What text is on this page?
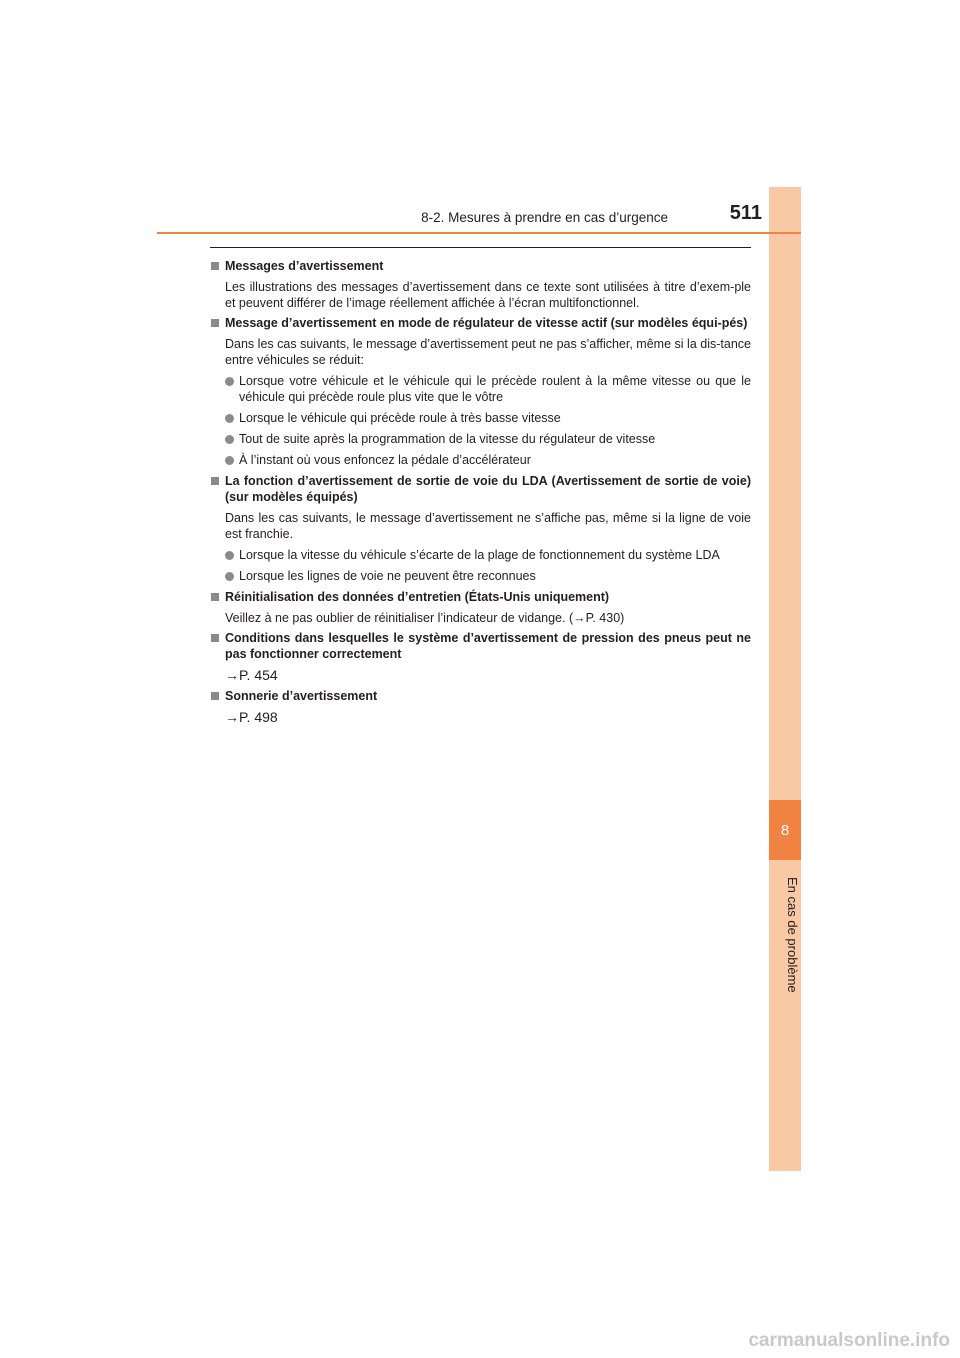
8
En cas de problème
8-2. Mesures à prendre en cas d’urgence	511
Messages d’avertissement
Les illustrations des messages d’avertissement dans ce texte sont utilisées à titre d’exem-ple et peuvent différer de l’image réellement affichée à l’écran multifonctionnel.
Message d’avertissement en mode de régulateur de vitesse actif (sur modèles équi-pés)
Dans les cas suivants, le message d’avertissement peut ne pas s’afficher, même si la dis-tance entre véhicules se réduit:
Lorsque votre véhicule et le véhicule qui le précède roulent à la même vitesse ou que le véhicule qui précède roule plus vite que le vôtre
Lorsque le véhicule qui précède roule à très basse vitesse
Tout de suite après la programmation de la vitesse du régulateur de vitesse
À l’instant où vous enfoncez la pédale d’accélérateur
La fonction d’avertissement de sortie de voie du LDA (Avertissement de sortie de voie) (sur modèles équipés)
Dans les cas suivants, le message d’avertissement ne s’affiche pas, même si la ligne de voie est franchie.
Lorsque la vitesse du véhicule s’écarte de la plage de fonctionnement du système LDA
Lorsque les lignes de voie ne peuvent être reconnues
Réinitialisation des données d’entretien (États-Unis uniquement)
Veillez à ne pas oublier de réinitialiser l’indicateur de vidange. (→P. 430)
Conditions dans lesquelles le système d’avertissement de pression des pneus peut ne pas fonctionner correctement
→P. 454
Sonnerie d’avertissement
→P. 498
carmanualsonline.info
